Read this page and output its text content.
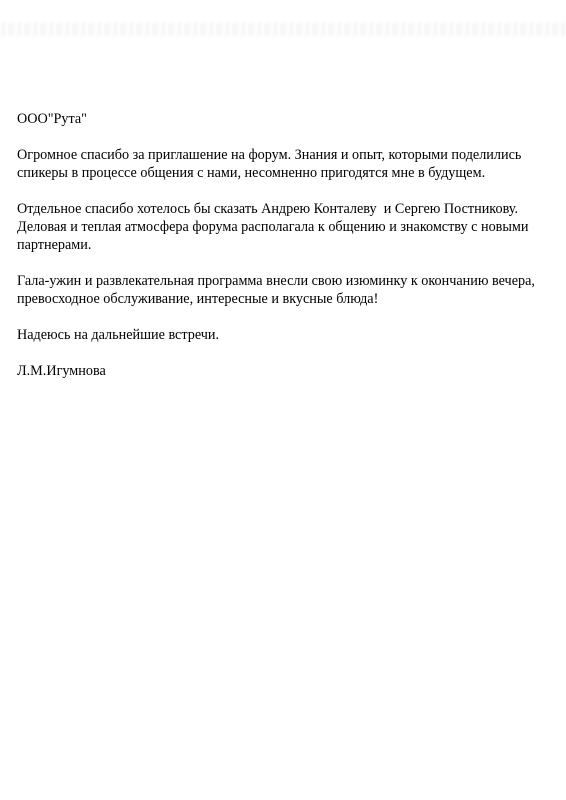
ООО"Рута"

Огромное спасибо за приглашение на форум. Знания и опыт, которыми поделились
спикеры в процессе общения с нами, несомненно пригодятся мне в будущем.

Отдельное спасибо хотелось бы сказать Андрею Конталеву  и Сергею Постникову.
Деловая и теплая атмосфера форума располагала к общению и знакомству с новыми
партнерами.

Гала-ужин и развлекательная программа внесли свою изюминку к окончанию вечера,
превосходное обслуживание, интересные и вкусные блюда!

Надеюсь на дальнейшие встречи.

Л.М.Игумнова
